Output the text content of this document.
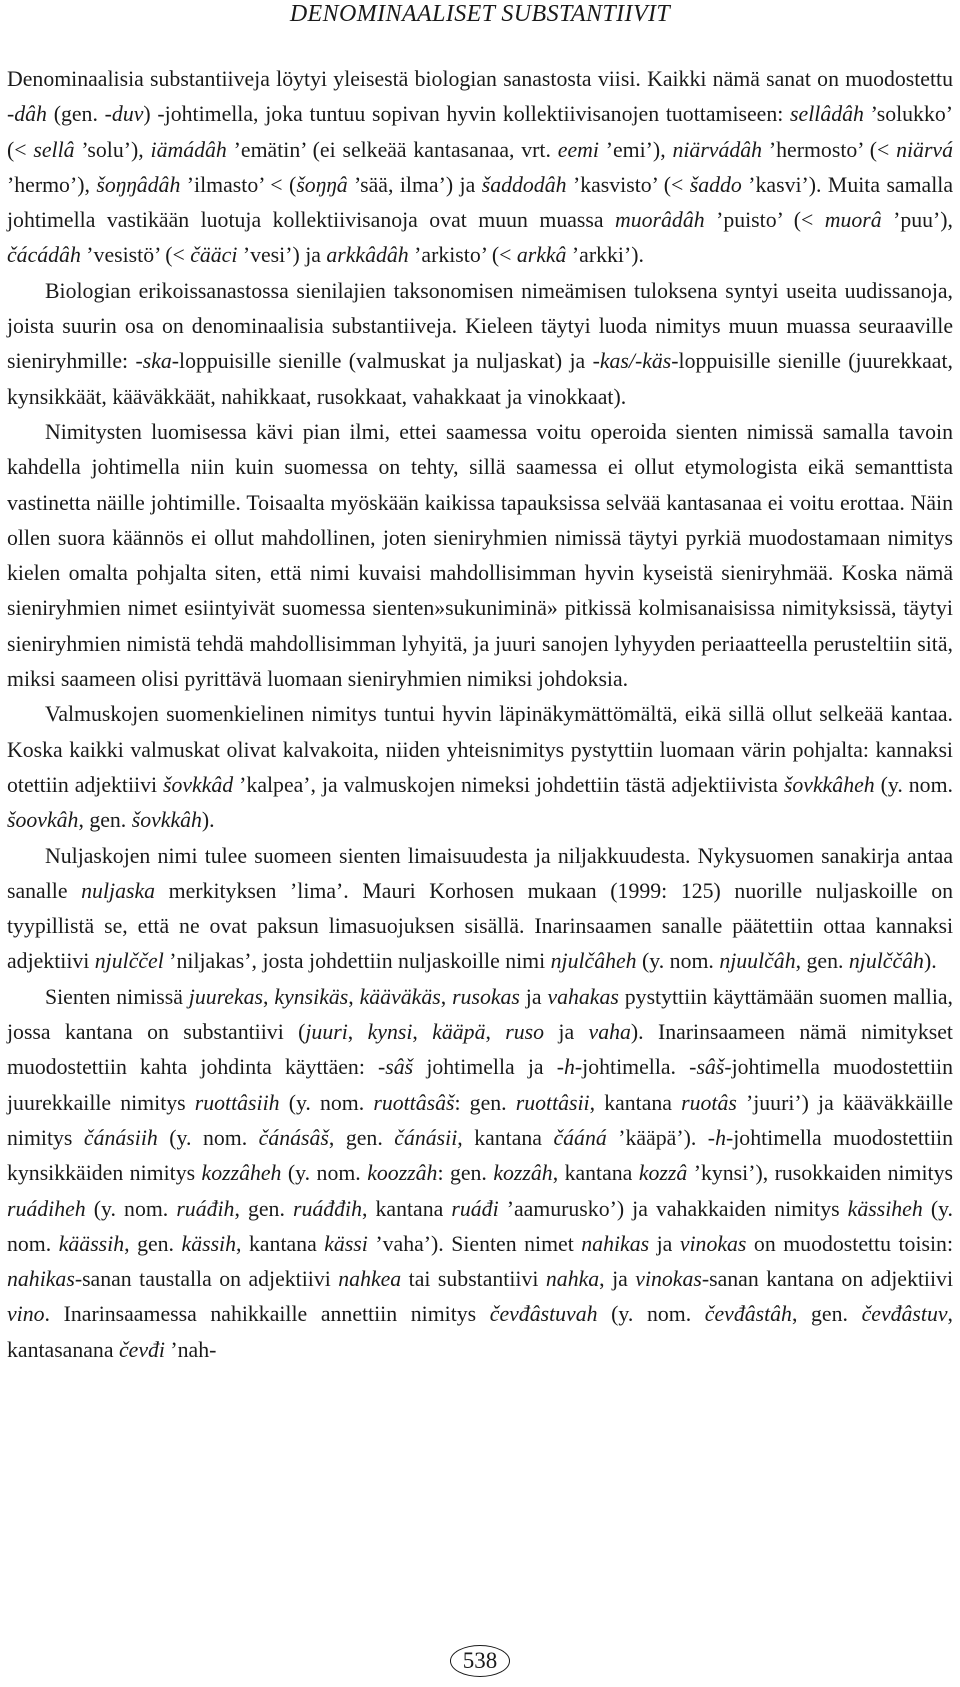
DENOMINAALISET SUBSTANTIIVIT

Denominaalisia substantiiveja löytyi yleisestä biologian sanastosta viisi. Kaikki nämä sanat on muodostettu -dâh (gen. -duv) -johtimella, joka tuntuu sopivan hyvin kollektiivisanojen tuottamiseen: sellâdâh ’solukko’ (< sellâ ’solu’), iämádâh ’emätin’ (ei selkeää kantasanaa, vrt. eemi ’emi’), niärvádâh ’hermosto’ (< niärvá ’hermo’), šoŋŋâdâh ’ilmasto’ < (šoŋŋâ ’sää, ilma’) ja šaddodâh ’kasvisto’ (< šaddo ’kasvi’). Muita samalla johtimella vastikään luotuja kollektiivisanoja ovat muun muassa muorâdâh ’puisto’ (< muorâ ’puu’), čácádâh ’vesistö’ (< čääci ’vesi’) ja arkkâdâh ’arkisto’ (< arkkâ ’arkki’).

Biologian erikoissanastossa sienilajien taksonomisen nimeämisen tuloksena syntyi useita uudissanoja, joista suurin osa on denominaalisia substantiiveja. Kieleen täytyi luoda nimitys muun muassa seuraaville sieniryhmille: -ska-loppuisille sienille (valmuskat ja nuljaskat) ja -kas/-käs-loppuisille sienille (juurekkaat, kynsikkäät, kääväkkäät, nahikkaat, rusokkaat, vahakkaat ja vinokkaat).

Nimitysten luomisessa kävi pian ilmi, ettei saamessa voitu operoida sienten nimissä samalla tavoin kahdella johtimella niin kuin suomessa on tehty, sillä saamessa ei ollut etymologista eikä semanttista vastinetta näille johtimille. Toisaalta myöskään kaikissa tapauksissa selvää kantasanaa ei voitu erottaa. Näin ollen suora käännös ei ollut mahdollinen, joten sieniryhmien nimissä täytyi pyrkiä muodostamaan nimitys kielen omalta pohjalta siten, että nimi kuvaisi mahdollisimman hyvin kyseistä sieniryhmää. Koska nämä sieniryhmien nimet esiintyivät suomessa sienten»sukuniminä» pitkissä kolmisanaisissa nimityksissä, täytyi sieniryhmien nimistä tehdä mahdollisimman lyhyitä, ja juuri sanojen lyhyyden periaatteella perusteltiin sitä, miksi saameen olisi pyrittävä luomaan sieniryhmien nimiksi johdoksia.

Valmuskojen suomenkielinen nimitys tuntui hyvin läpinäkymättömältä, eikä sillä ollut selkeää kantaa. Koska kaikki valmuskat olivat kalvakoita, niiden yhteisnimitys pystyttiin luomaan värin pohjalta: kannaksi otettiin adjektiivi šovkkâd ’kalpea’, ja valmuskojen nimeksi johdettiin tästä adjektiivista šovkkâheh (y. nom. šoovkâh, gen. šovkkâh).

Nuljaskojen nimi tulee suomeen sienten limaisuudesta ja niljakkuudesta. Nykysuomen sanakirja antaa sanalle nuljaska merkityksen ’lima’. Mauri Korhosen mukaan (1999: 125) nuorille nuljaskoille on tyypillistä se, että ne ovat paksun limasuojuksen sisällä. Inarinsaamen sanalle päätettiin ottaa kannaksi adjektiivi njulččel ’niljakas’, josta johdettiin nuljaskoille nimi njulčâheh (y. nom. njuulčâh, gen. njulččâh).

Sienten nimissä juurekas, kynsikäs, kääväkäs, rusokas ja vahakas pystyttiin käyttämään suomen mallia, jossa kantana on substantiivi (juuri, kynsi, kääpä, ruso ja vaha). Inarinsaameen nämä nimitykset muodostettiin kahta johdinta käyttäen: -sâš johtimella ja -h-johtimella. -sâš-johtimella muodostettiin juurekkaille nimitys ruottâsiih (y. nom. ruottâsâš: gen. ruottâsii, kantana ruotâs ’juuri’) ja kääväkkäille nimitys čánásiih (y. nom. čánásâš, gen. čánásii, kantana čááná ’kääpä’). -h-johtimella muodostettiin kynsikkäiden nimitys kozzâheh (y. nom. koozzâh: gen. kozzâh, kantana kozzâ ’kynsi’), rusokkaiden nimitys ruádiheh (y. nom. ruáđih, gen. ruáđđih, kantana ruáđi ’aamurusko’) ja vahakkaiden nimitys kässiheh (y. nom. käässih, gen. kässih, kantana kässi ’vaha’). Sienten nimet nahikas ja vinokas on muodostettu toisin: nahikas-sanan taustalla on adjektiivi nahkea tai substantiivi nahka, ja vinokas-sanan kantana on adjektiivi vino. Inarinsaamessa nahikkaille annettiin nimitys čevđâstuvah (y. nom. čevđâstâh, gen. čevđâstuv, kantasanana čevđi ’nah-

538
